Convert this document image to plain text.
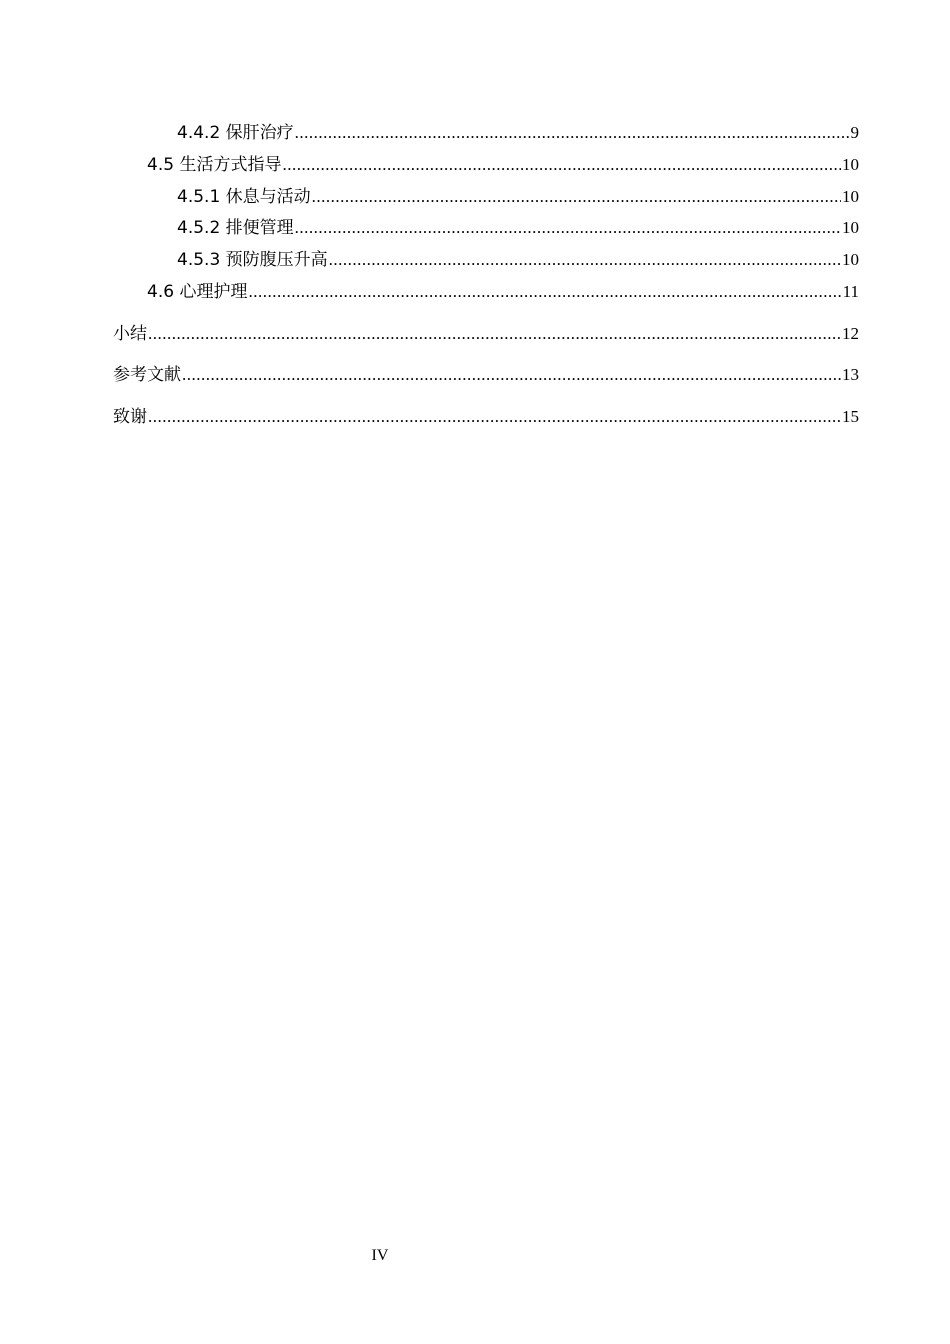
4.4.2 保肝治疗 .....	9
4.5 生活方式指导 .....	10
4.5.1 休息与活动 .....	10
4.5.2 排便管理 .....	10
4.5.3 预防腹压升高 .....	10
4.6 心理护理 .....	11
小结 .....	12
参考文献 .....	13
致谢 .....	15
IV
